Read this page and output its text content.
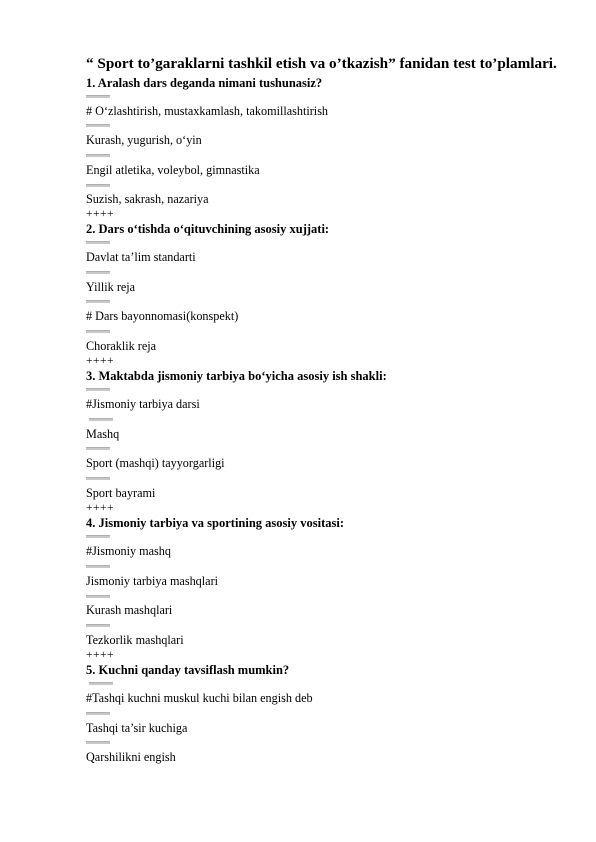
“ Sport to’garaklarni tashkil etish va o’tkazish” fanidan test to’plamlari.
1. Aralash dars deganda nimani tushunasiz?
# O‘zlashtirish, mustaxkamlash, takomillashtirish
Kurash, yugurish, o‘yin
Engil atletika, voleybol, gimnastika
Suzish, sakrash, nazariya
++++
2. Dars o‘tishda o‘qituvchining asosiy xujjati:
Davlat ta’lim standarti
Yillik reja
# Dars bayonnomasi(konspekt)
Choraklik reja
++++
3. Maktabda jismoniy tarbiya bo‘yicha asosiy ish shakli:
#Jismoniy tarbiya darsi
Mashq
Sport (mashqi) tayyorgarligi
Sport bayrami
++++
4. Jismoniy tarbiya va sportining asosiy vositasi:
#Jismoniy mashq
Jismoniy tarbiya mashqlari
Kurash mashqlari
Tezkorlik mashqlari
++++
5. Kuchni qanday tavsiflash mumkin?
#Tashqi kuchni muskul kuchi bilan engish deb
Tashqi ta’sir kuchiga
Qarshilikni engish
